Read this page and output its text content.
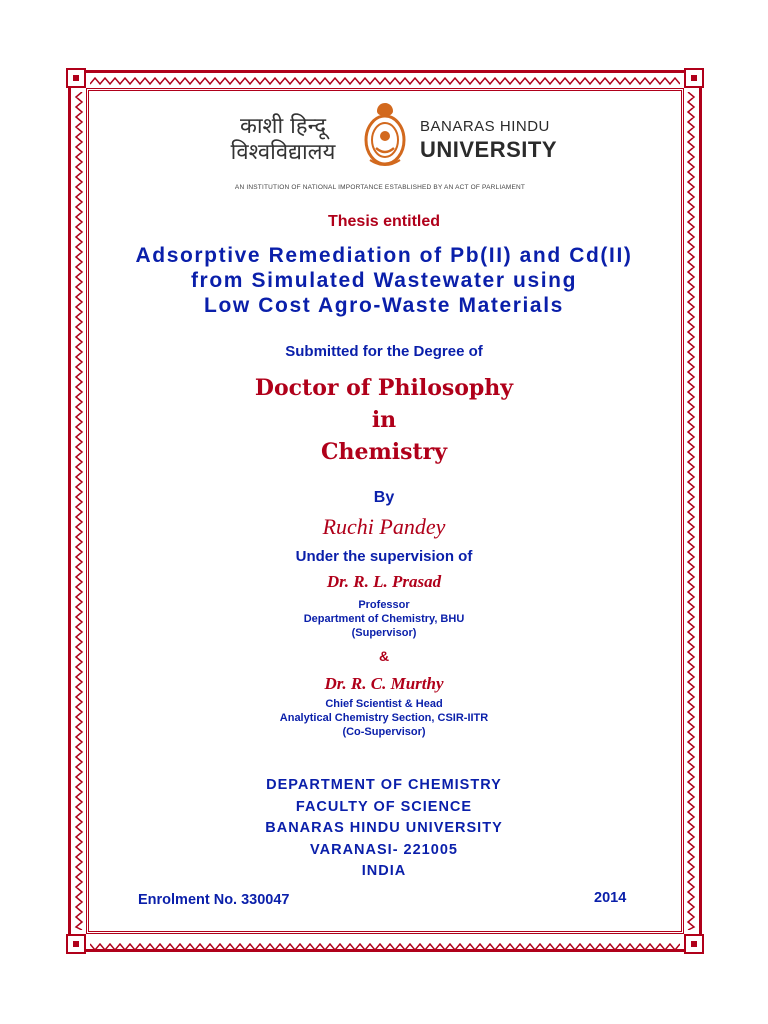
काशी हिन्दू
विश्वविद्यालय
BANARAS HINDU
UNIVERSITY
AN INSTITUTION OF NATIONAL IMPORTANCE ESTABLISHED BY AN ACT OF PARLIAMENT
Thesis entitled
Adsorptive Remediation of Pb(II) and Cd(II)
from Simulated Wastewater using
Low Cost Agro-Waste Materials
Submitted for the Degree of
Doctor of Philosophy
in
Chemistry
By
Ruchi Pandey
Under the supervision of
Dr. R. L. Prasad
Professor
Department of Chemistry, BHU
(Supervisor)
&
Dr. R. C. Murthy
Chief Scientist & Head
Analytical Chemistry Section, CSIR-IITR
(Co-Supervisor)
DEPARTMENT OF CHEMISTRY
FACULTY OF SCIENCE
BANARAS HINDU UNIVERSITY
VARANASI- 221005
INDIA
Enrolment No. 330047	2014
